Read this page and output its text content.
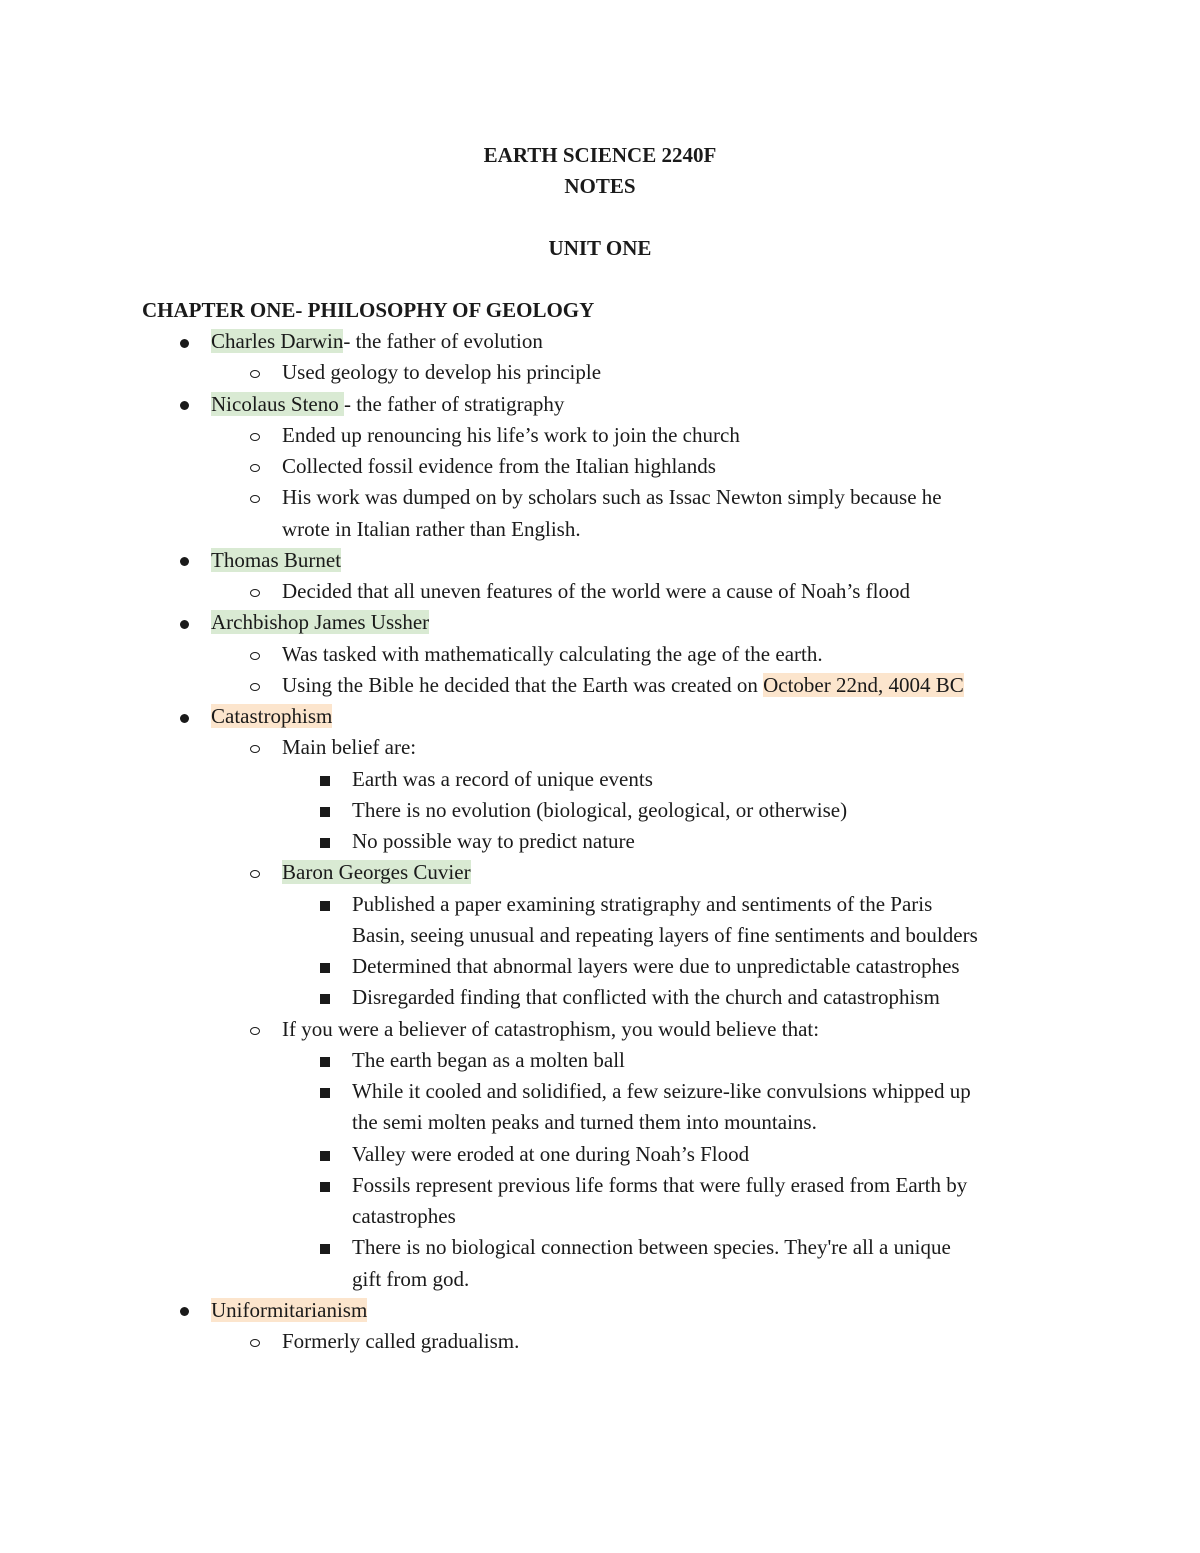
EARTH SCIENCE 2240F
NOTES
UNIT ONE
CHAPTER ONE- PHILOSOPHY OF GEOLOGY
Charles Darwin- the father of evolution
Used geology to develop his principle
Nicolaus Steno - the father of stratigraphy
Ended up renouncing his life’s work to join the church
Collected fossil evidence from the Italian highlands
His work was dumped on by scholars such as Issac Newton simply because he
wrote in Italian rather than English.
Thomas Burnet
Decided that all uneven features of the world were a cause of Noah’s flood
Archbishop James Ussher
Was tasked with mathematically calculating the age of the earth.
Using the Bible he decided that the Earth was created on October 22nd, 4004 BC
Catastrophism
Main belief are:
Earth was a record of unique events
There is no evolution (biological, geological, or otherwise)
No possible way to predict nature
Baron Georges Cuvier
Published a paper examining stratigraphy and sentiments of the Paris
Basin, seeing unusual and repeating layers of fine sentiments and boulders
Determined that abnormal layers were due to unpredictable catastrophes
Disregarded finding that conflicted with the church and catastrophism
If you were a believer of catastrophism, you would believe that:
The earth began as a molten ball
While it cooled and solidified, a few seizure-like convulsions whipped up
the semi molten peaks and turned them into mountains.
Valley were eroded at one during Noah’s Flood
Fossils represent previous life forms that were fully erased from Earth by
catastrophes
There is no biological connection between species. They're all a unique
gift from god.
Uniformitarianism
Formerly called gradualism.
